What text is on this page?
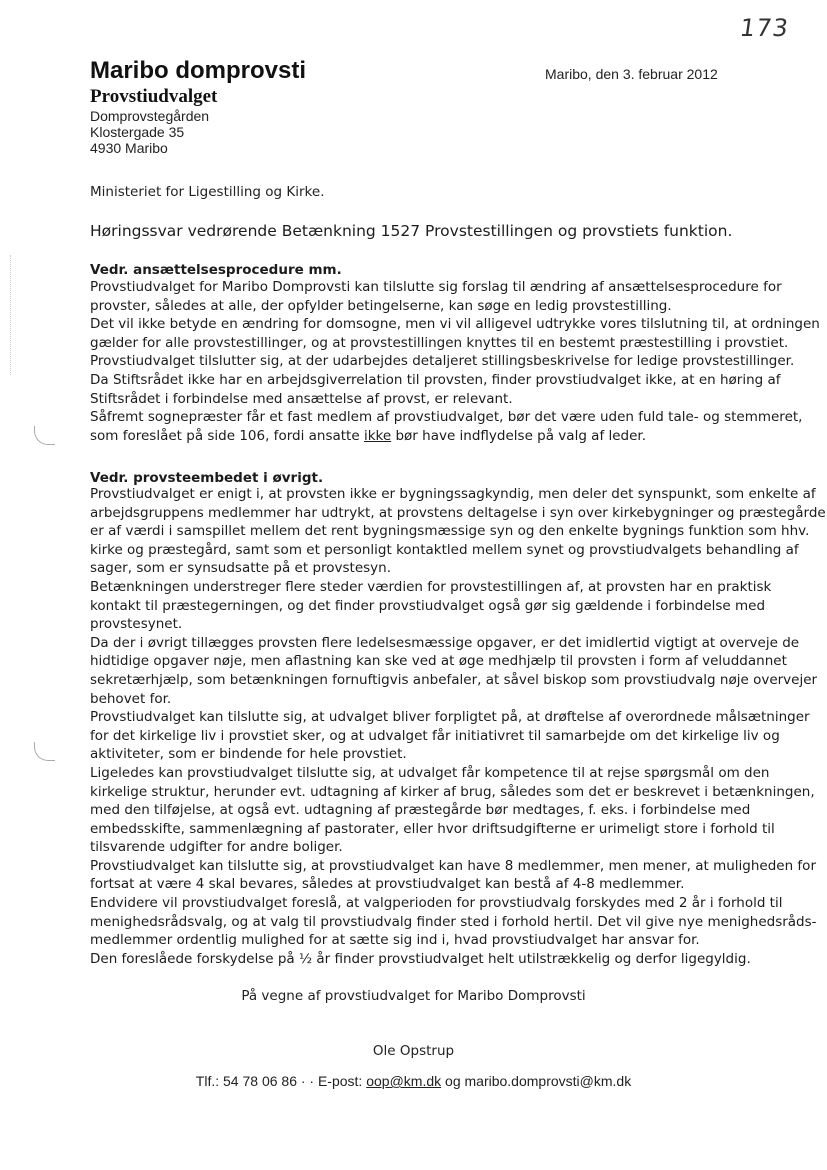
173
Maribo domprovsti
Provstiudvalget
Domprovstegården
Klostergade 35
4930 Maribo
Maribo, den 3. februar 2012
Ministeriet for Ligestilling og Kirke.
Høringssvar vedrørende Betænkning 1527 Provstestillingen og provstiets funktion.
Vedr. ansættelsesprocedure mm.
Provstiudvalget for Maribo Domprovsti kan tilslutte sig forslag til ændring af ansættelsesprocedure for
provster, således at alle, der opfylder betingelserne, kan søge en ledig provstestilling.
Det vil ikke betyde en ændring for domsogne, men vi vil alligevel udtrykke vores tilslutning til, at ordningen
gælder for alle provstestillinger, og at provstestillingen knyttes til en bestemt præstestilling i provstiet.
Provstiudvalget tilslutter sig, at der udarbejdes detaljeret stillingsbeskrivelse for ledige provstestillinger.
Da Stiftsrådet ikke har en arbejdsgiverrelation til provsten, finder provstiudvalget ikke, at en høring af
Stiftsrådet i forbindelse med ansættelse af provst, er relevant.
Såfremt sognepræster får et fast medlem af provstiudvalget, bør det være uden fuld tale- og stemmeret,
som foreslået på side 106, fordi ansatte ikke bør have indflydelse på valg af leder.
Vedr. provsteembedet i øvrigt.
Provstiudvalget er enigt i, at provsten ikke er bygningssagkyndig, men deler det synspunkt, som enkelte af
arbejdsgruppens medlemmer har udtrykt, at provstens deltagelse i syn over kirkebygninger og præstegårde
er af værdi i samspillet mellem det rent bygningsmæssige syn og den enkelte bygnings funktion som hhv.
kirke og præstegård, samt som et personligt kontaktled mellem synet og provstiudvalgets behandling af
sager, som er synsudsatte på et provstesyn.
Betænkningen understreger flere steder værdien for provstestillingen af, at provsten har en praktisk
kontakt til præstegerningen, og det finder provstiudvalget også gør sig gældende i forbindelse med
provstesynet.
Da der i øvrigt tillægges provsten flere ledelsesmæssige opgaver, er det imidlertid vigtigt at overveje de
hidtidige opgaver nøje, men aflastning kan ske ved at øge medhjælp til provsten i form af veluddannet
sekretærhjælp, som betænkningen fornuftigvis anbefaler, at såvel biskop som provstiudvalg nøje overvejer
behovet for.
Provstiudvalget kan tilslutte sig, at udvalget bliver forpligtet på, at drøftelse af overordnede målsætninger
for det kirkelige liv i provstiet sker, og at udvalget får initiativret til samarbejde om det kirkelige liv og
aktiviteter, som er bindende for hele provstiet.
Ligeledes kan provstiudvalget tilslutte sig, at udvalget får kompetence til at rejse spørgsmål om den
kirkelige struktur, herunder evt. udtagning af kirker af brug, således som det er beskrevet i betænkningen,
med den tilføjelse, at også evt. udtagning af præstegårde bør medtages, f. eks. i forbindelse med
embedsskifte, sammenlægning af pastorater, eller hvor driftsudgifterne er urimeligt store i forhold til
tilsvarende udgifter for andre boliger.
Provstiudvalget kan tilslutte sig, at provstiudvalget kan have 8 medlemmer, men mener, at muligheden for
fortsat at være 4 skal bevares, således at provstiudvalget kan bestå af 4-8 medlemmer.
Endvidere vil provstiudvalget foreslå, at valgperioden for provstiudvalg forskydes med 2 år i forhold til
menighedsrådsvalg, og at valg til provstiudvalg finder sted i forhold hertil. Det vil give nye menighedsråds-
medlemmer ordentlig mulighed for at sætte sig ind i, hvad provstiudvalget har ansvar for.
Den foreslåede forskydelse på ½ år finder provstiudvalget helt utilstrækkelig og derfor ligegyldig.
På vegne af provstiudvalget for Maribo Domprovsti
Ole Opstrup
Tlf.: 54 78 06 86 · · E-post: oop@km.dk og maribo.domprovsti@km.dk
